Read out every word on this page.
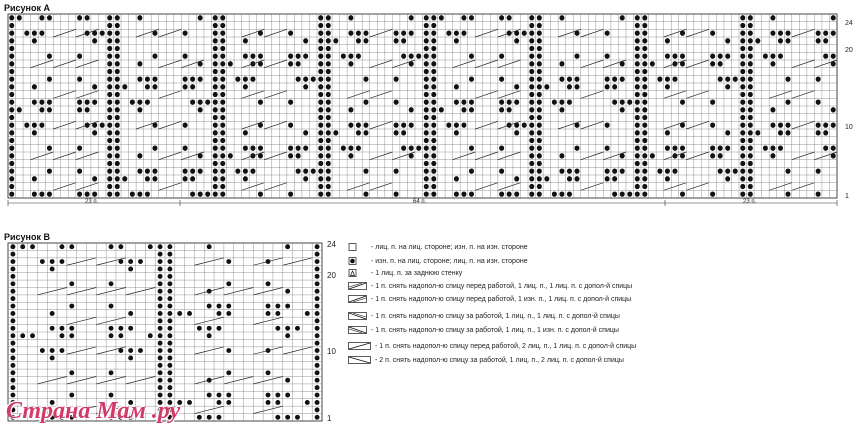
Рисунок А
Рисунок В
24
20
10
1
23 п.	64 п.	23 п.
24
20
10
1
- лиц. п. на лиц. стороне; изн. п. на изн. стороне
- изн. п. на лиц. стороне; лиц. п. на изн. стороне
- 1 лиц. п. за заднюю стенку
- 1 п. снять надопол-ю спицу перед работой, 1 лиц. п., 1 лиц. п. с допол-й спицы
- 1 п. снять надопол-ю спицу перед работой, 1 изн. п., 1 лиц. п. с допол-й спицы
- 1 п. снять надопол-ю спицу за работой, 1 лиц. п., 1 лиц. п. с допол-й спицы
- 1 п. снять надопол-ю спицу за работой, 1 лиц. п., 1 изн. п. с допол-й спицы
- 1 п. снять надопол-ю спицу перед работой, 2 лиц. п., 1 лиц. п. с допол-й спицы
- 2 п. снять надопол-ю спицу за работой, 1 лиц. п., 2 лиц. п. с допол-й спицы
Страна Мам .ру
